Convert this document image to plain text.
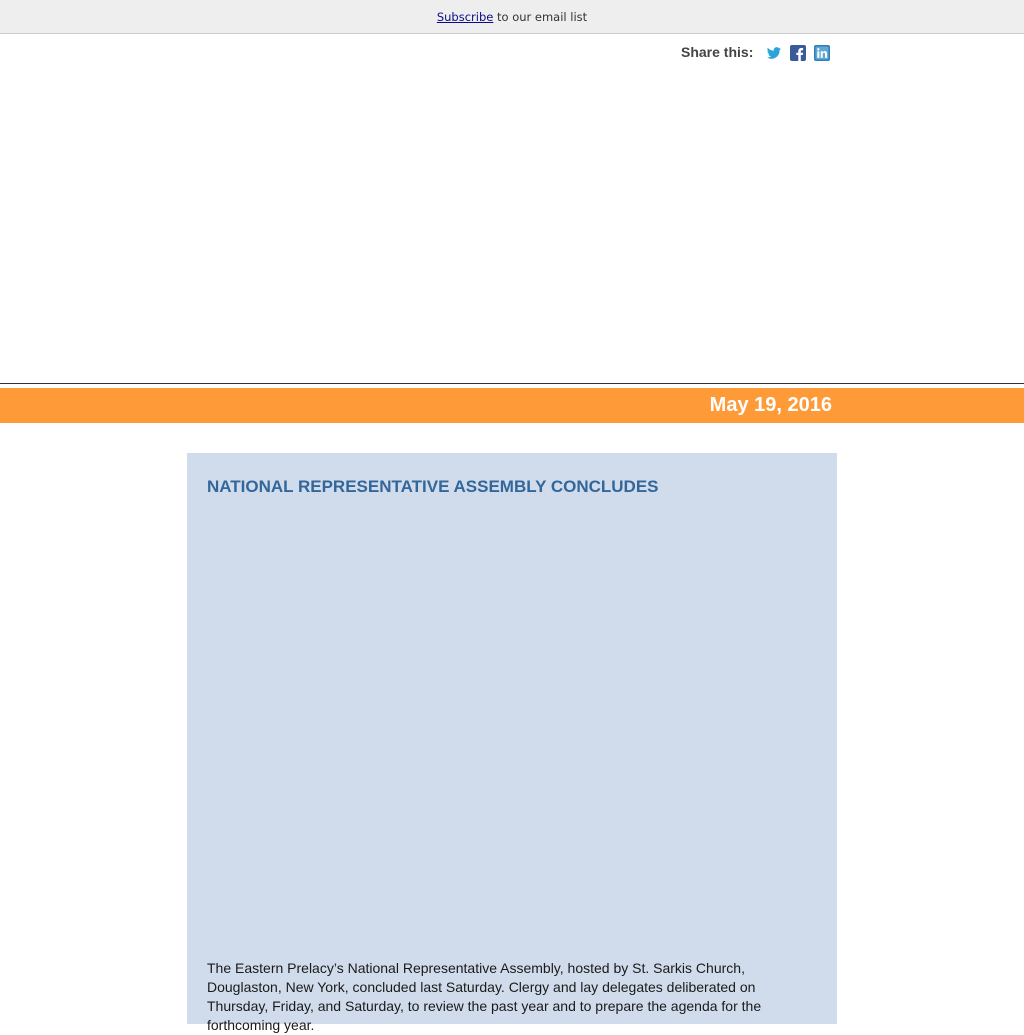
Subscribe to our email list
Share this:
May 19, 2016
NATIONAL REPRESENTATIVE ASSEMBLY CONCLUDES

The Eastern Prelacy’s National Representative Assembly, hosted by St. Sarkis Church, Douglaston, New York, concluded last Saturday. Clergy and lay delegates deliberated on Thursday, Friday, and Saturday, to review the past year and to prepare the agenda for the forthcoming year.
